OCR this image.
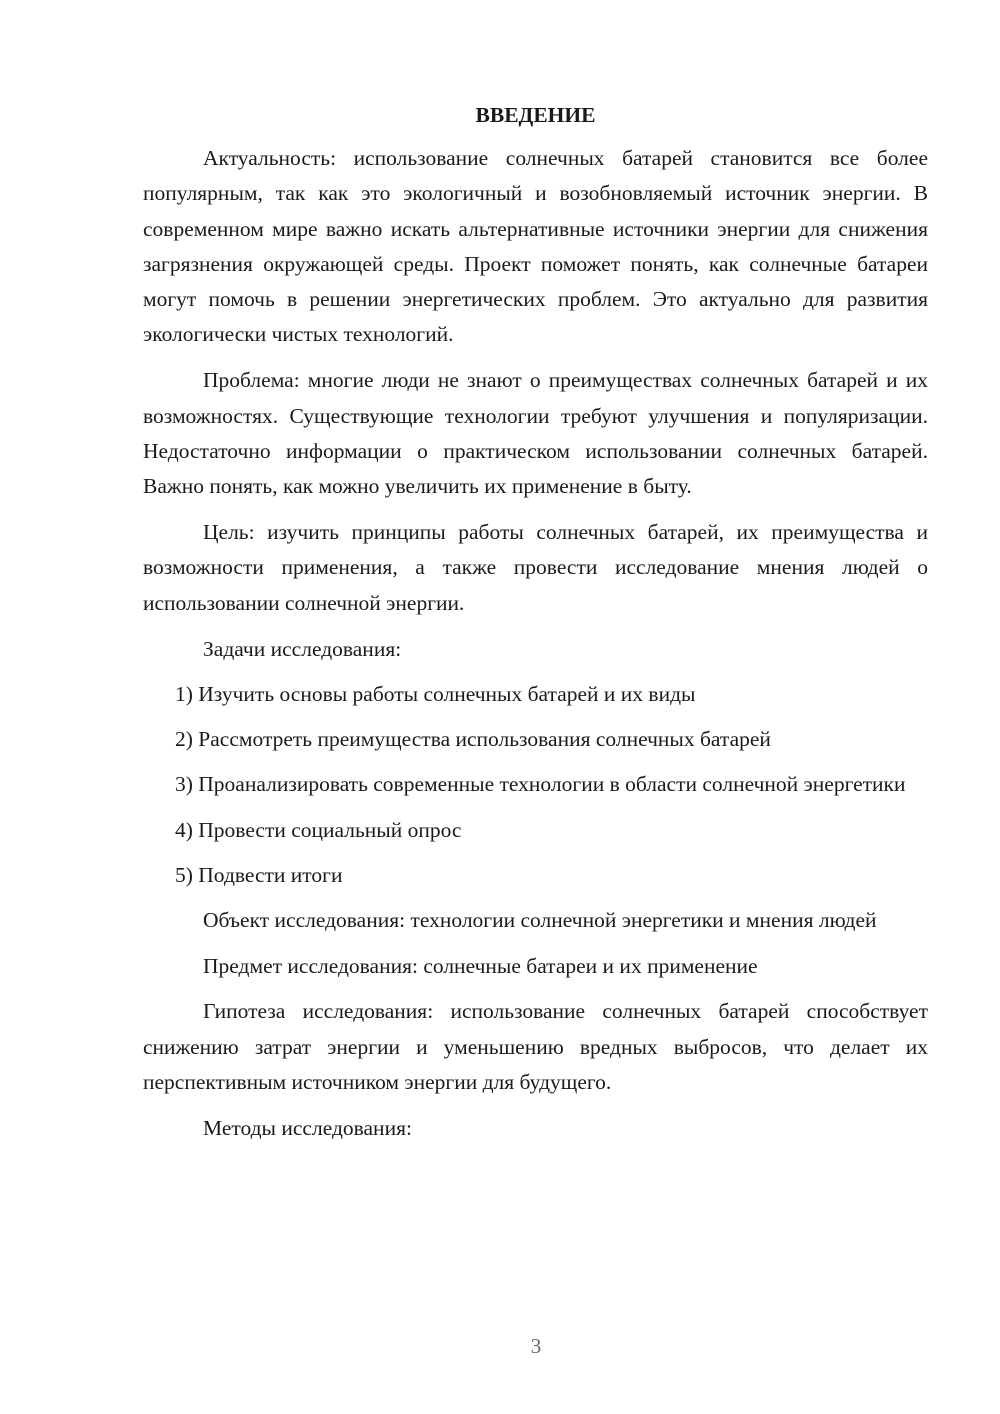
ВВЕДЕНИЕ

Актуальность: использование солнечных батарей становится все более популярным, так как это экологичный и возобновляемый источник энергии. В современном мире важно искать альтернативные источники энергии для снижения загрязнения окружающей среды. Проект поможет понять, как солнечные батареи могут помочь в решении энергетических проблем. Это актуально для развития экологически чистых технологий.

Проблема: многие люди не знают о преимуществах солнечных батарей и их возможностях. Существующие технологии требуют улучшения и популяризации. Недостаточно информации о практическом использовании солнечных батарей. Важно понять, как можно увеличить их применение в быту.

Цель: изучить принципы работы солнечных батарей, их преимущества и возможности применения, а также провести исследование мнения людей о использовании солнечной энергии.

Задачи исследования:

1) Изучить основы работы солнечных батарей и их виды

2) Рассмотреть преимущества использования солнечных батарей

3) Проанализировать современные технологии в области солнечной энергетики

4) Провести социальный опрос

5) Подвести итоги

Объект исследования: технологии солнечной энергетики и мнения людей

Предмет исследования: солнечные батареи и их применение

Гипотеза исследования: использование солнечных батарей способствует снижению затрат энергии и уменьшению вредных выбросов, что делает их перспективным источником энергии для будущего.

Методы исследования:

3
